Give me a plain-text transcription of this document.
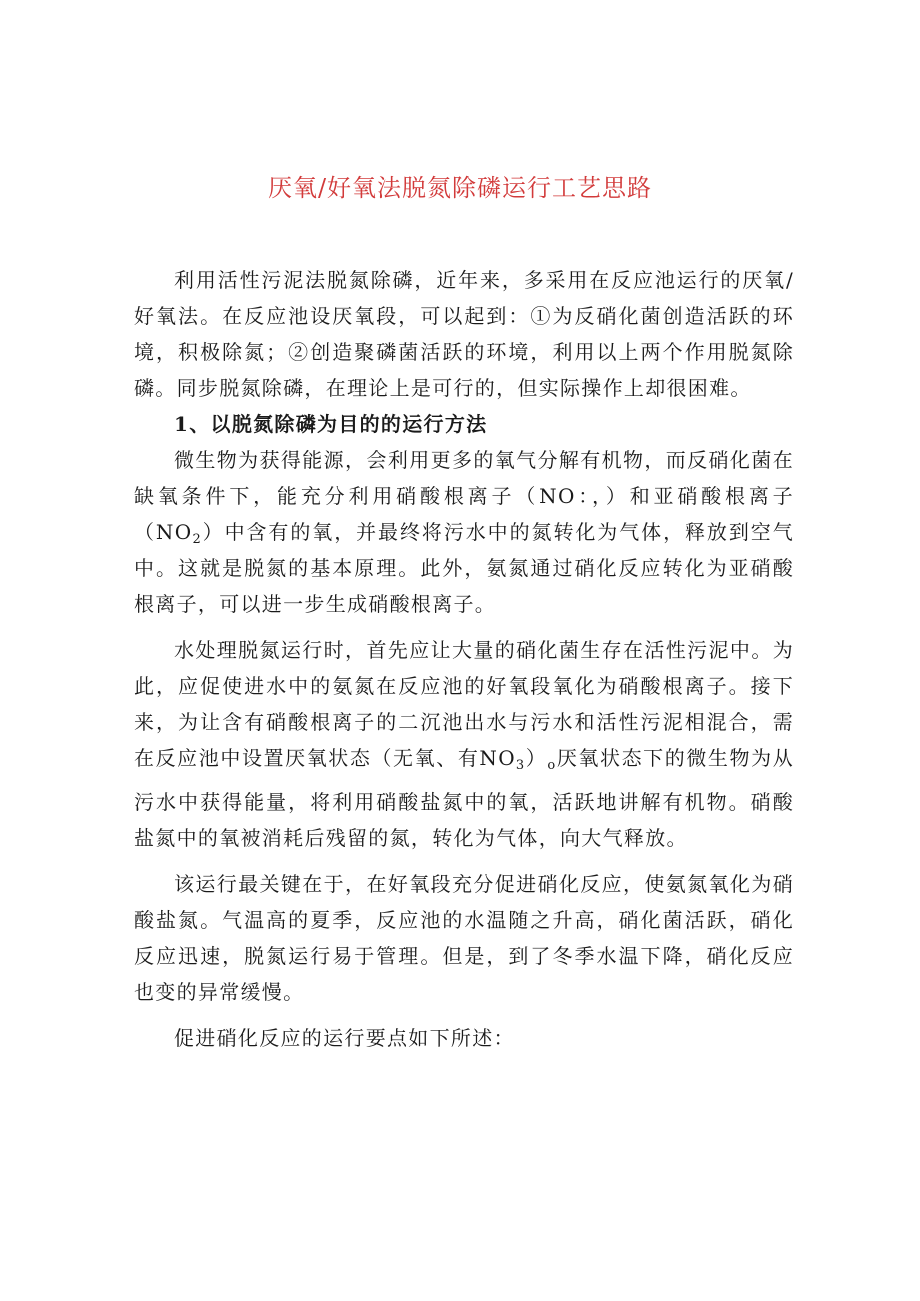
厌氧/好氧法脱氮除磷运行工艺思路

利用活性污泥法脱氮除磷，近年来，多采用在反应池运行的厌氧/好氧法。在反应池设厌氧段，可以起到：①为反硝化菌创造活跃的环境，积极除氮；②创造聚磷菌活跃的环境，利用以上两个作用脱氮除磷。同步脱氮除磷，在理论上是可行的，但实际操作上却很困难。

1、以脱氮除磷为目的的运行方法

微生物为获得能源，会利用更多的氧气分解有机物，而反硝化菌在缺氧条件下，能充分利用硝酸根离子（NO：，）和亚硝酸根离子$(NO_2)$中含有的氧，并最终将污水中的氮转化为气体，释放到空气中。这就是脱氮的基本原理。此外，氨氮通过硝化反应转化为亚硝酸根离子，可以进一步生成硝酸根离子。

水处理脱氮运行时，首先应让大量的硝化菌生存在活性污泥中。为此，应促使进水中的氨氮在反应池的好氧段氧化为硝酸根离子。接下来，为让含有硝酸根离子的二沉池出水与污水和活性污泥相混合，需在反应池中设置厌氧状态（无氧、有$NO_3)_o$厌氧状态下的微生物为从污水中获得能量，将利用硝酸盐氮中的氧，活跃地讲解有机物。硝酸盐氮中的氧被消耗后残留的氮，转化为气体，向大气释放。

该运行最关键在于，在好氧段充分促进硝化反应，使氨氮氧化为硝酸盐氮。气温高的夏季，反应池的水温随之升高，硝化菌活跃，硝化反应迅速，脱氮运行易于管理。但是，到了冬季水温下降，硝化反应也变的异常缓慢。

促进硝化反应的运行要点如下所述：
